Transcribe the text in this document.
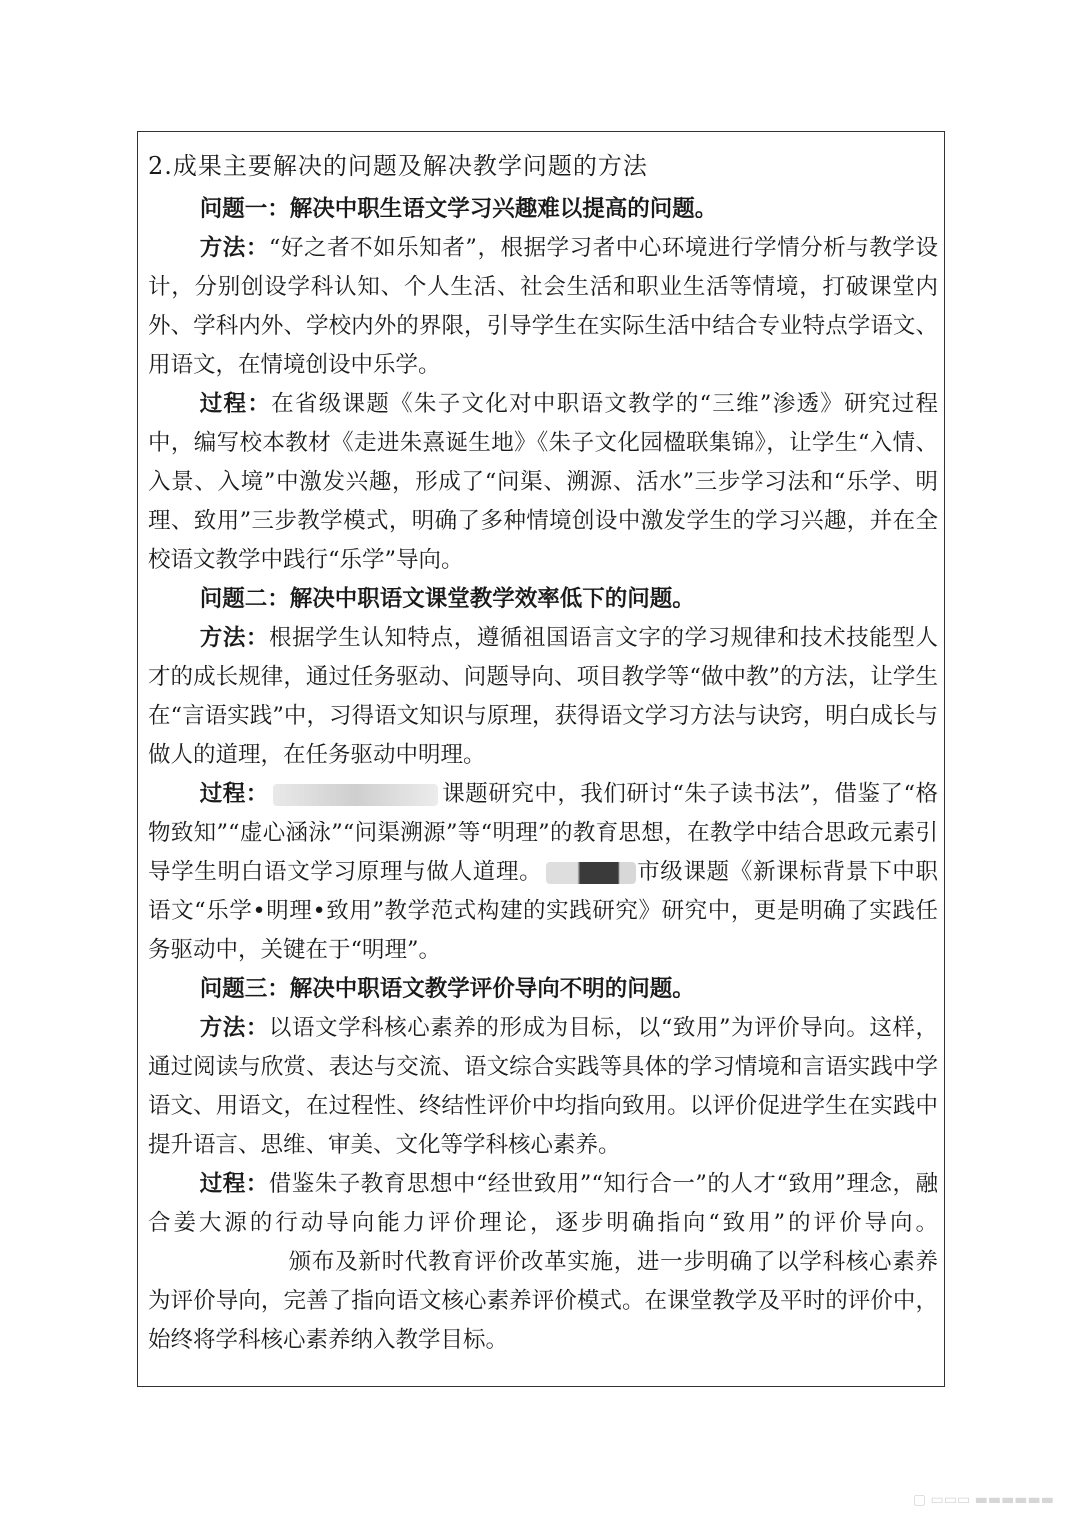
2.成果主要解决的问题及解决教学问题的方法

问题一：解决中职生语文学习兴趣难以提高的问题。

方法：“好之者不如乐知者”，根据学习者中心环境进行学情分析与教学设计，分别创设学科认知、个人生活、社会生活和职业生活等情境，打破课堂内外、学科内外、学校内外的界限，引导学生在实际生活中结合专业特点学语文、用语文，在情境创设中乐学。

过程：在省级课题《朱子文化对中职语文教学的“三维”渗透》研究过程中，编写校本教材《走进朱熹诞生地》《朱子文化园楹联集锦》，让学生“入情、入景、入境”中激发兴趣，形成了“问渠、溯源、活水”三步学习法和“乐学、明理、致用”三步教学模式，明确了多种情境创设中激发学生的学习兴趣，并在全校语文教学中践行“乐学”导向。

问题二：解决中职语文课堂教学效率低下的问题。

方法：根据学生认知特点，遵循祖国语言文字的学习规律和技术技能型人才的成长规律，通过任务驱动、问题导向、项目教学等“做中教”的方法，让学生在“言语实践”中，习得语文知识与原理，获得语文学习方法与诀窍，明白成长与做人的道理，在任务驱动中明理。

过程：	课题研究中，我们研讨“朱子读书法”，借鉴了“格物致知”“虚心涵泳”“问渠溯源”等“明理”的教育思想，在教学中结合思政元素引导学生明白语文学习原理与做人道理。	市级课题《新课标背景下中职语文“乐学•明理•致用”教学范式构建的实践研究》研究中，更是明确了实践任务驱动中，关键在于“明理”。

问题三：解决中职语文教学评价导向不明的问题。

方法：以语文学科核心素养的形成为目标，以“致用”为评价导向。这样，通过阅读与欣赏、表达与交流、语文综合实践等具体的学习情境和言语实践中学语文、用语文，在过程性、终结性评价中均指向致用。以评价促进学生在实践中提升语言、思维、审美、文化等学科核心素养。

过程：借鉴朱子教育思想中“经世致用”“知行合一”的人才“致用”理念，融合姜大源的行动导向能力评价理论，逐步明确指向“致用”的评价导向。颁布及新时代教育评价改革实施，进一步明确了以学科核心素养为评价导向，完善了指向语文核心素养评价模式。在课堂教学及平时的评价中，始终将学科核心素养纳入教学目标。

▢ ▭▭▭ ▬▬▬▬▬▬
